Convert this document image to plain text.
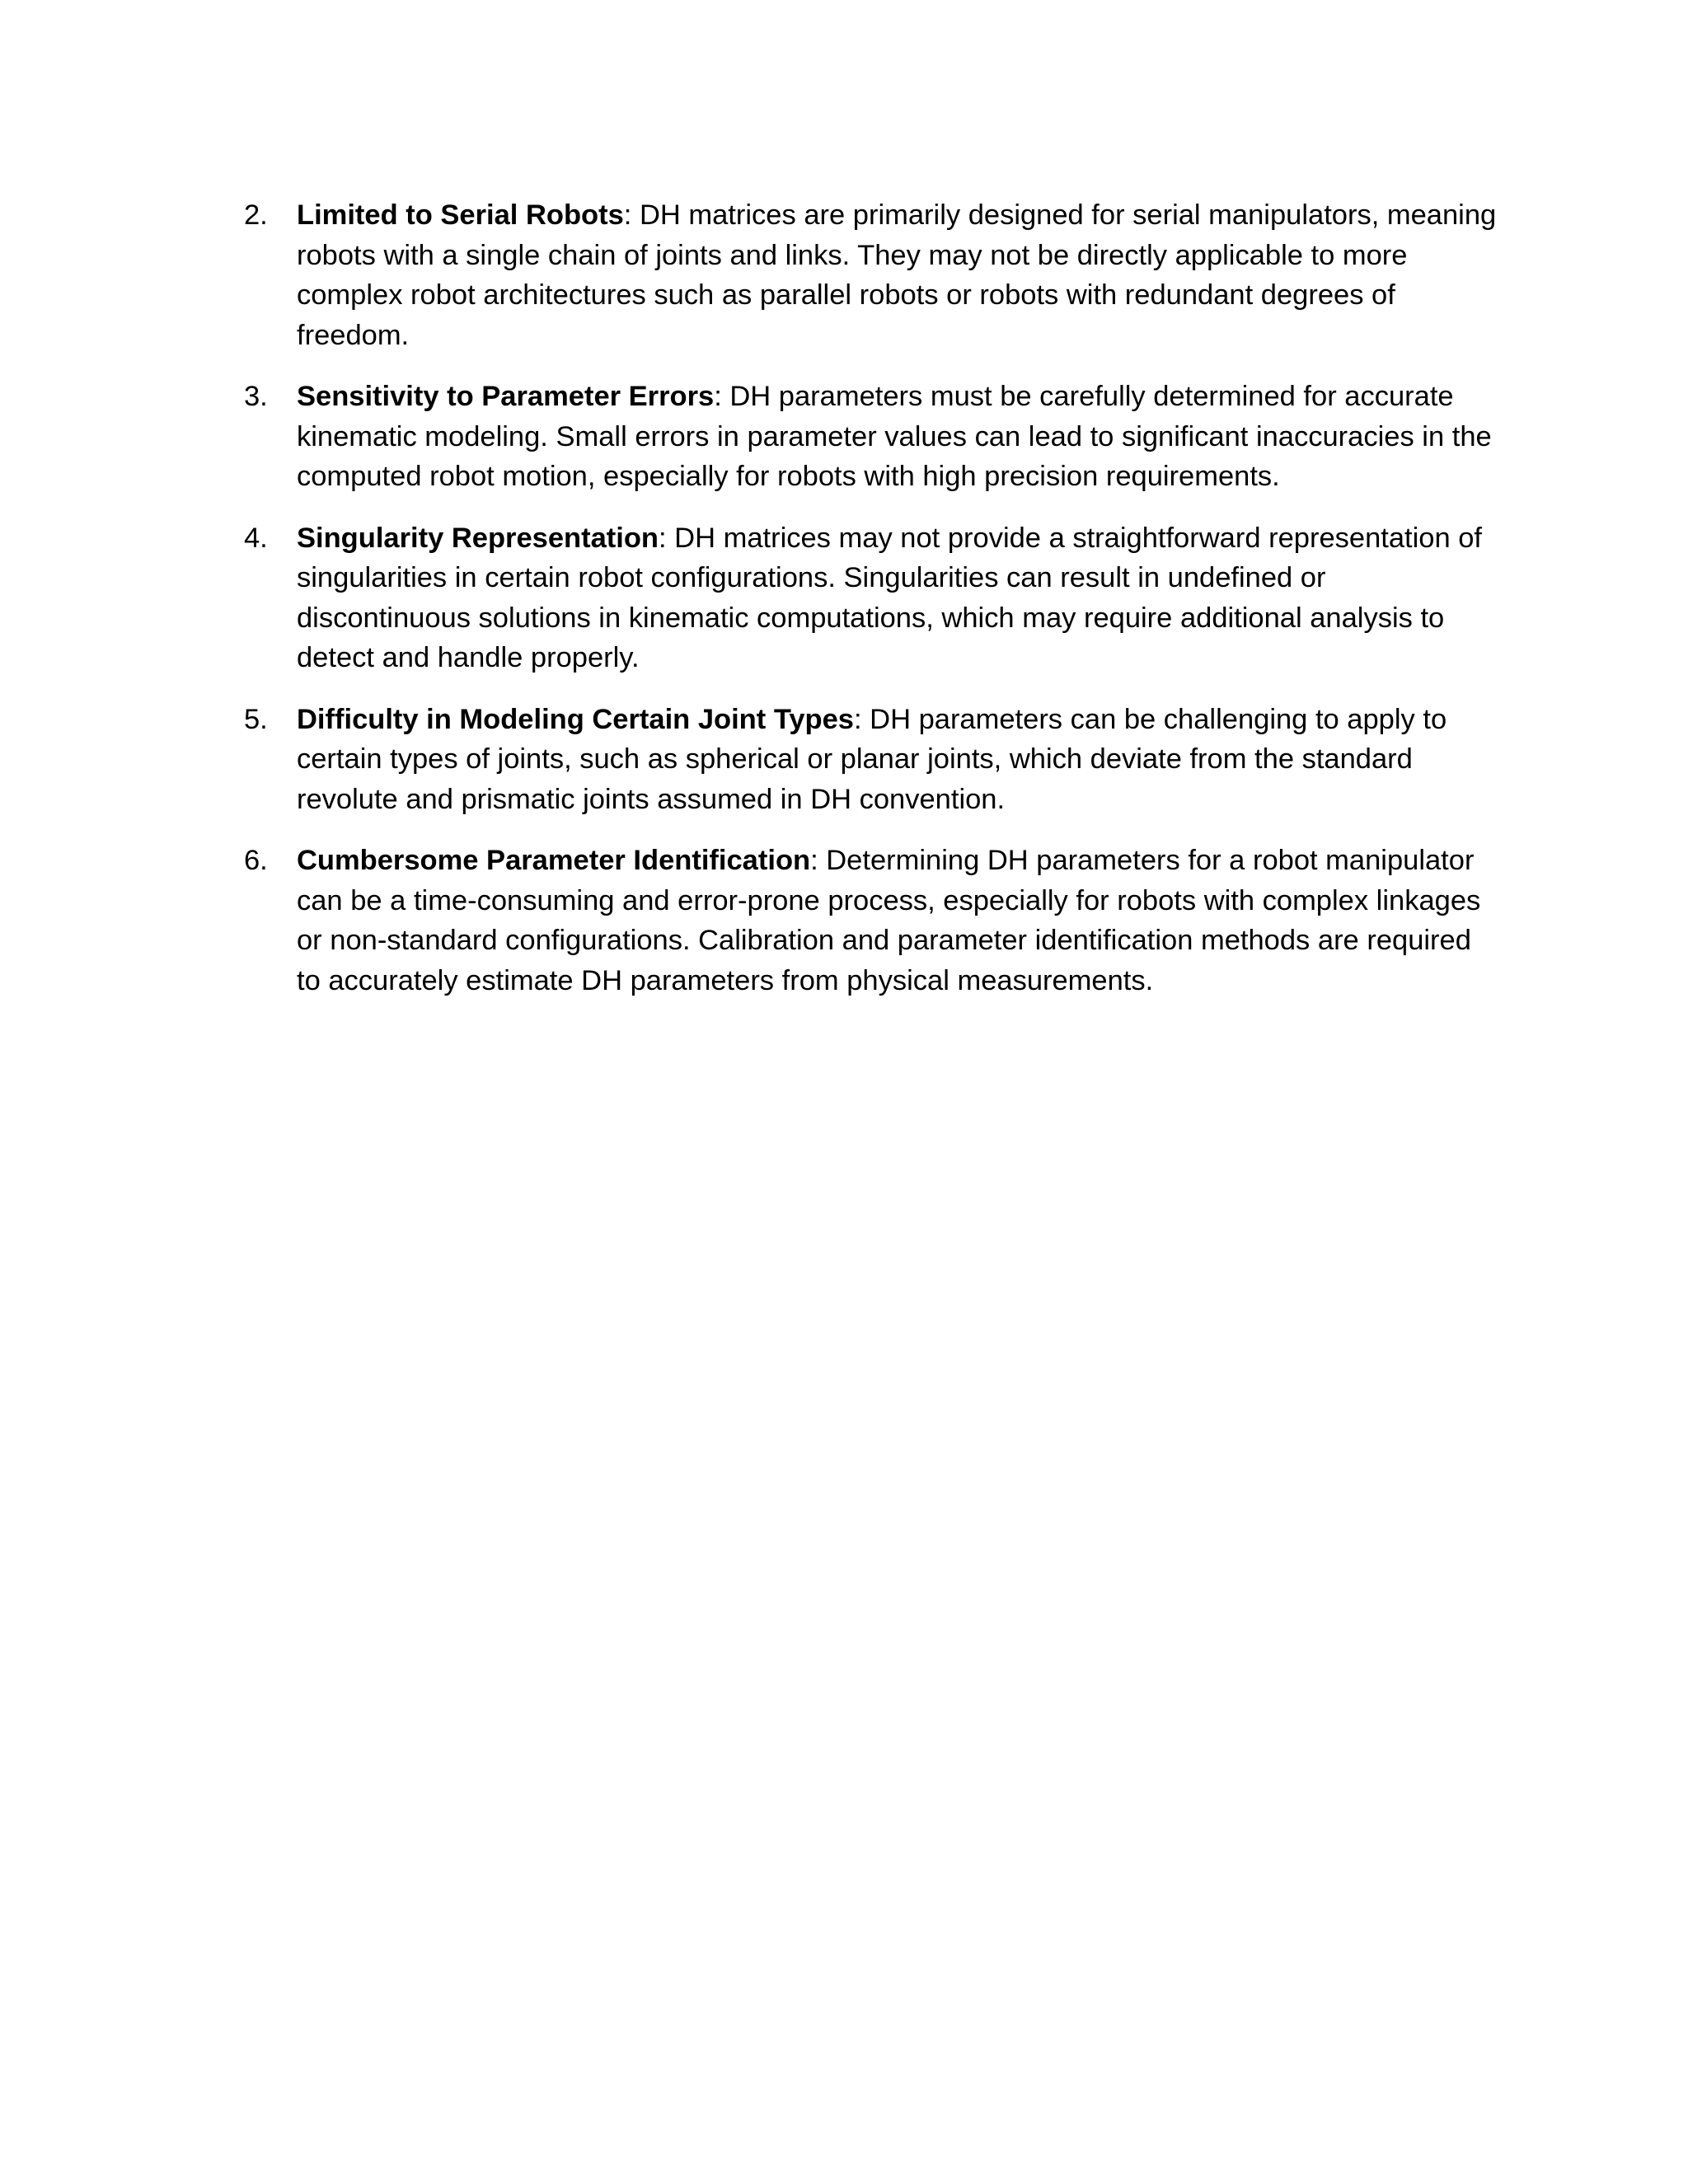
2. Limited to Serial Robots: DH matrices are primarily designed for serial manipulators, meaning robots with a single chain of joints and links. They may not be directly applicable to more complex robot architectures such as parallel robots or robots with redundant degrees of freedom.
3. Sensitivity to Parameter Errors: DH parameters must be carefully determined for accurate kinematic modeling. Small errors in parameter values can lead to significant inaccuracies in the computed robot motion, especially for robots with high precision requirements.
4. Singularity Representation: DH matrices may not provide a straightforward representation of singularities in certain robot configurations. Singularities can result in undefined or discontinuous solutions in kinematic computations, which may require additional analysis to detect and handle properly.
5. Difficulty in Modeling Certain Joint Types: DH parameters can be challenging to apply to certain types of joints, such as spherical or planar joints, which deviate from the standard revolute and prismatic joints assumed in DH convention.
6. Cumbersome Parameter Identification: Determining DH parameters for a robot manipulator can be a time-consuming and error-prone process, especially for robots with complex linkages or non-standard configurations. Calibration and parameter identification methods are required to accurately estimate DH parameters from physical measurements.
